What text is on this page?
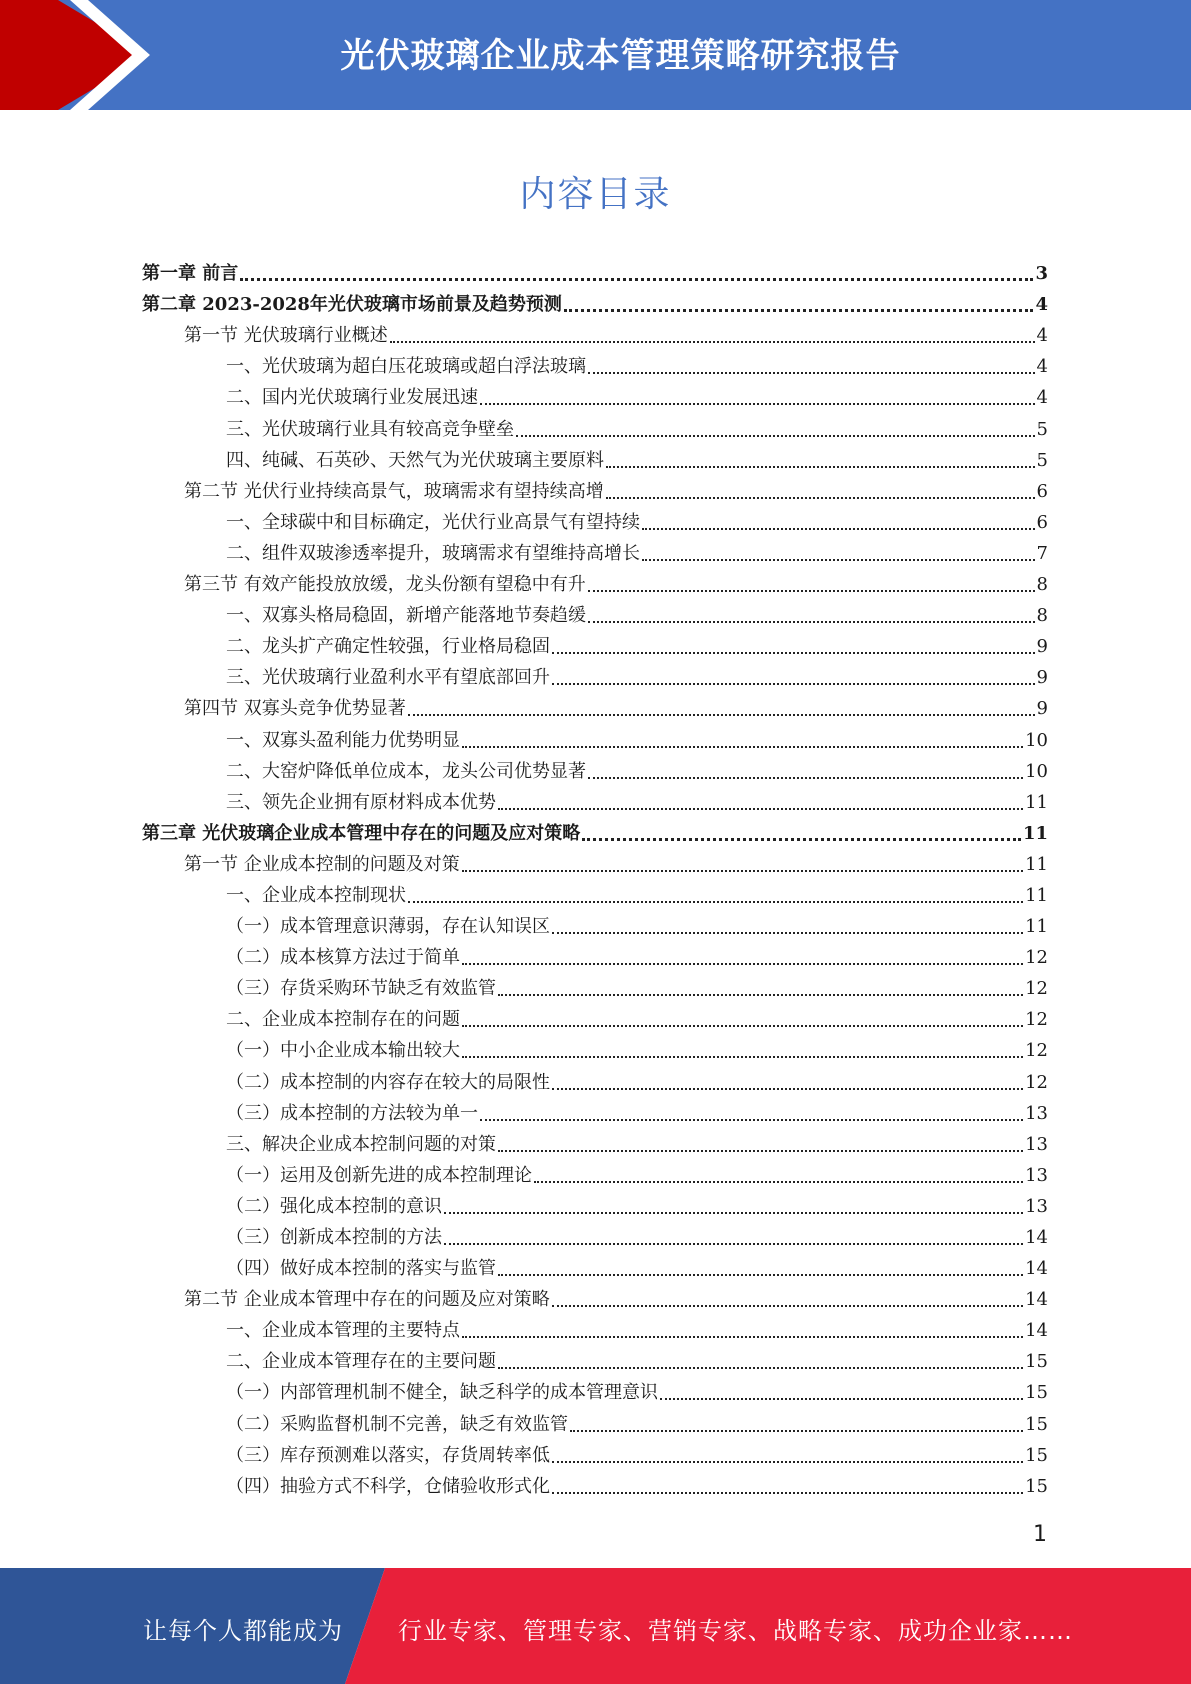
光伏玻璃企业成本管理策略研究报告
内容目录
第一章 前言	3
第二章 2023-2028年光伏玻璃市场前景及趋势预测	4
第一节 光伏玻璃行业概述	4
一、光伏玻璃为超白压花玻璃或超白浮法玻璃	4
二、国内光伏玻璃行业发展迅速	4
三、光伏玻璃行业具有较高竞争壁垒	5
四、纯碱、石英砂、天然气为光伏玻璃主要原料	5
第二节 光伏行业持续高景气，玻璃需求有望持续高增	6
一、全球碳中和目标确定，光伏行业高景气有望持续	6
二、组件双玻渗透率提升，玻璃需求有望维持高增长	7
第三节 有效产能投放放缓，龙头份额有望稳中有升	8
一、双寡头格局稳固，新增产能落地节奏趋缓	8
二、龙头扩产确定性较强，行业格局稳固	9
三、光伏玻璃行业盈利水平有望底部回升	9
第四节 双寡头竞争优势显著	9
一、双寡头盈利能力优势明显	10
二、大窑炉降低单位成本，龙头公司优势显著	10
三、领先企业拥有原材料成本优势	11
第三章 光伏玻璃企业成本管理中存在的问题及应对策略	11
第一节 企业成本控制的问题及对策	11
一、企业成本控制现状	11
（一）成本管理意识薄弱，存在认知误区	11
（二）成本核算方法过于简单	12
（三）存货采购环节缺乏有效监管	12
二、企业成本控制存在的问题	12
（一）中小企业成本输出较大	12
（二）成本控制的内容存在较大的局限性	12
（三）成本控制的方法较为单一	13
三、解决企业成本控制问题的对策	13
（一）运用及创新先进的成本控制理论	13
（二）强化成本控制的意识	13
（三）创新成本控制的方法	14
（四）做好成本控制的落实与监管	14
第二节 企业成本管理中存在的问题及应对策略	14
一、企业成本管理的主要特点	14
二、企业成本管理存在的主要问题	15
（一）内部管理机制不健全，缺乏科学的成本管理意识	15
（二）采购监督机制不完善，缺乏有效监管	15
（三）库存预测难以落实，存货周转率低	15
（四）抽验方式不科学，仓储验收形式化	15
1
让每个人都能成为 行业专家、管理专家、营销专家、战略专家、成功企业家……
